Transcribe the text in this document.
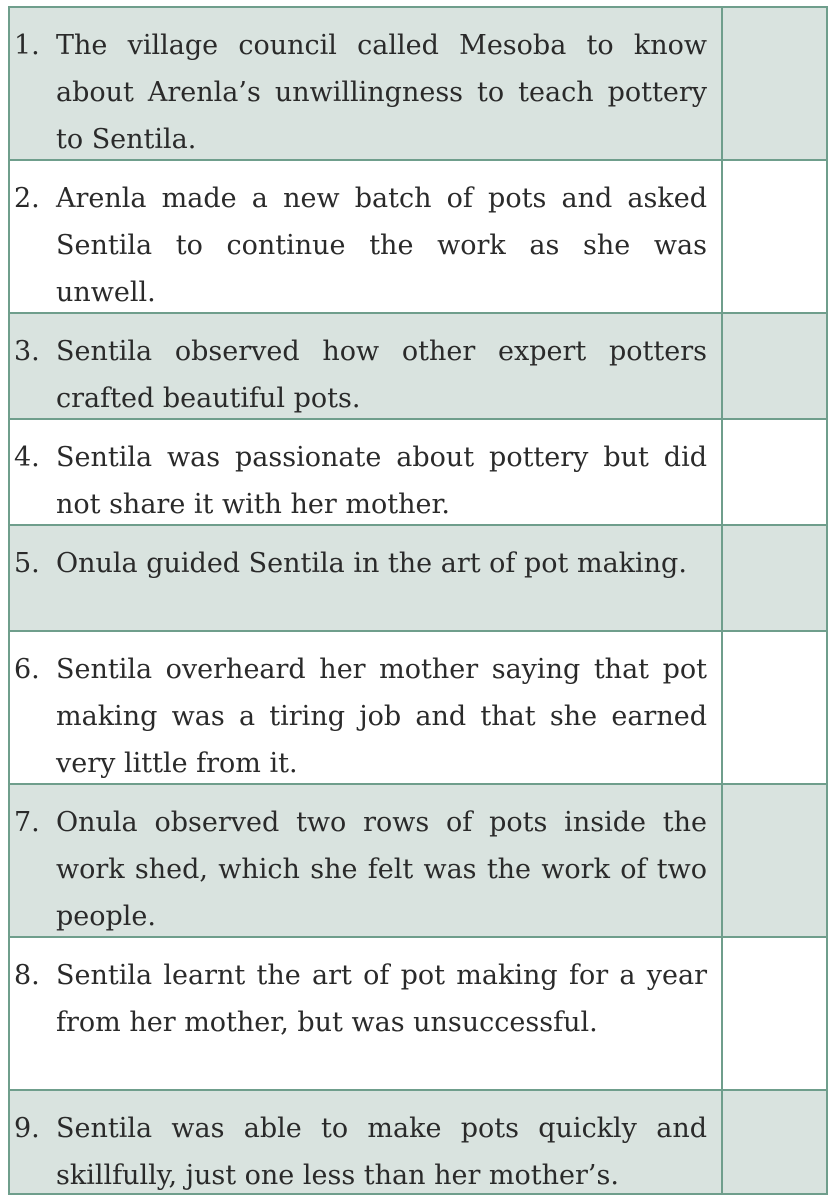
1. The village council called Mesoba to know about Arenla’s unwillingness to teach pottery to Sentila.
2. Arenla made a new batch of pots and asked Sentila to continue the work as she was unwell.
3. Sentila observed how other expert potters crafted beautiful pots.
4. Sentila was passionate about pottery but did not share it with her mother.
5. Onula guided Sentila in the art of pot making.
6. Sentila overheard her mother saying that pot making was a tiring job and that she earned very little from it.
7. Onula observed two rows of pots inside the work shed, which she felt was the work of two people.
8. Sentila learnt the art of pot making for a year from her mother, but was unsuccessful.
9. Sentila was able to make pots quickly and skillfully, just one less than her mother’s.
